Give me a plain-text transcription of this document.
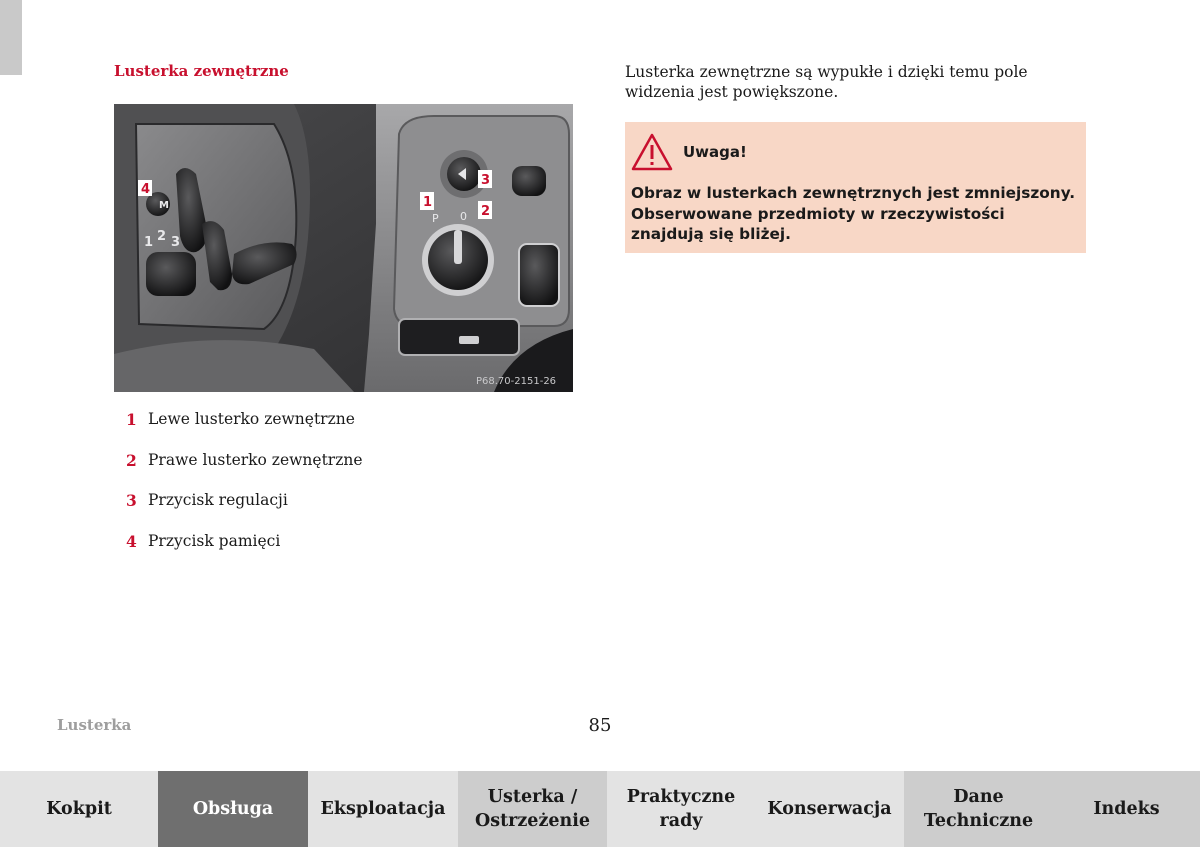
Lusterka zewnętrzne
1 2 3
M
P 0
4
1
3
2
P68.70-2151-26
1 Lewe lusterko zewnętrzne
2 Prawe lusterko zewnętrzne
3 Przycisk regulacji
4 Przycisk pamięci
Lusterka zewnętrzne są wypukłe i dzięki temu pole widzenia jest powiększone.
Uwaga!
Obraz w lusterkach zewnętrznych jest zmniejszony. Obserwowane przedmioty w rzeczywistości znajdują się bliżej.
Lusterka	85
Kokpit	Obsługa	Eksploatacja
Usterka / Ostrzeżenie
Praktyczne rady
Konserwacja
Dane Techniczne
Indeks
